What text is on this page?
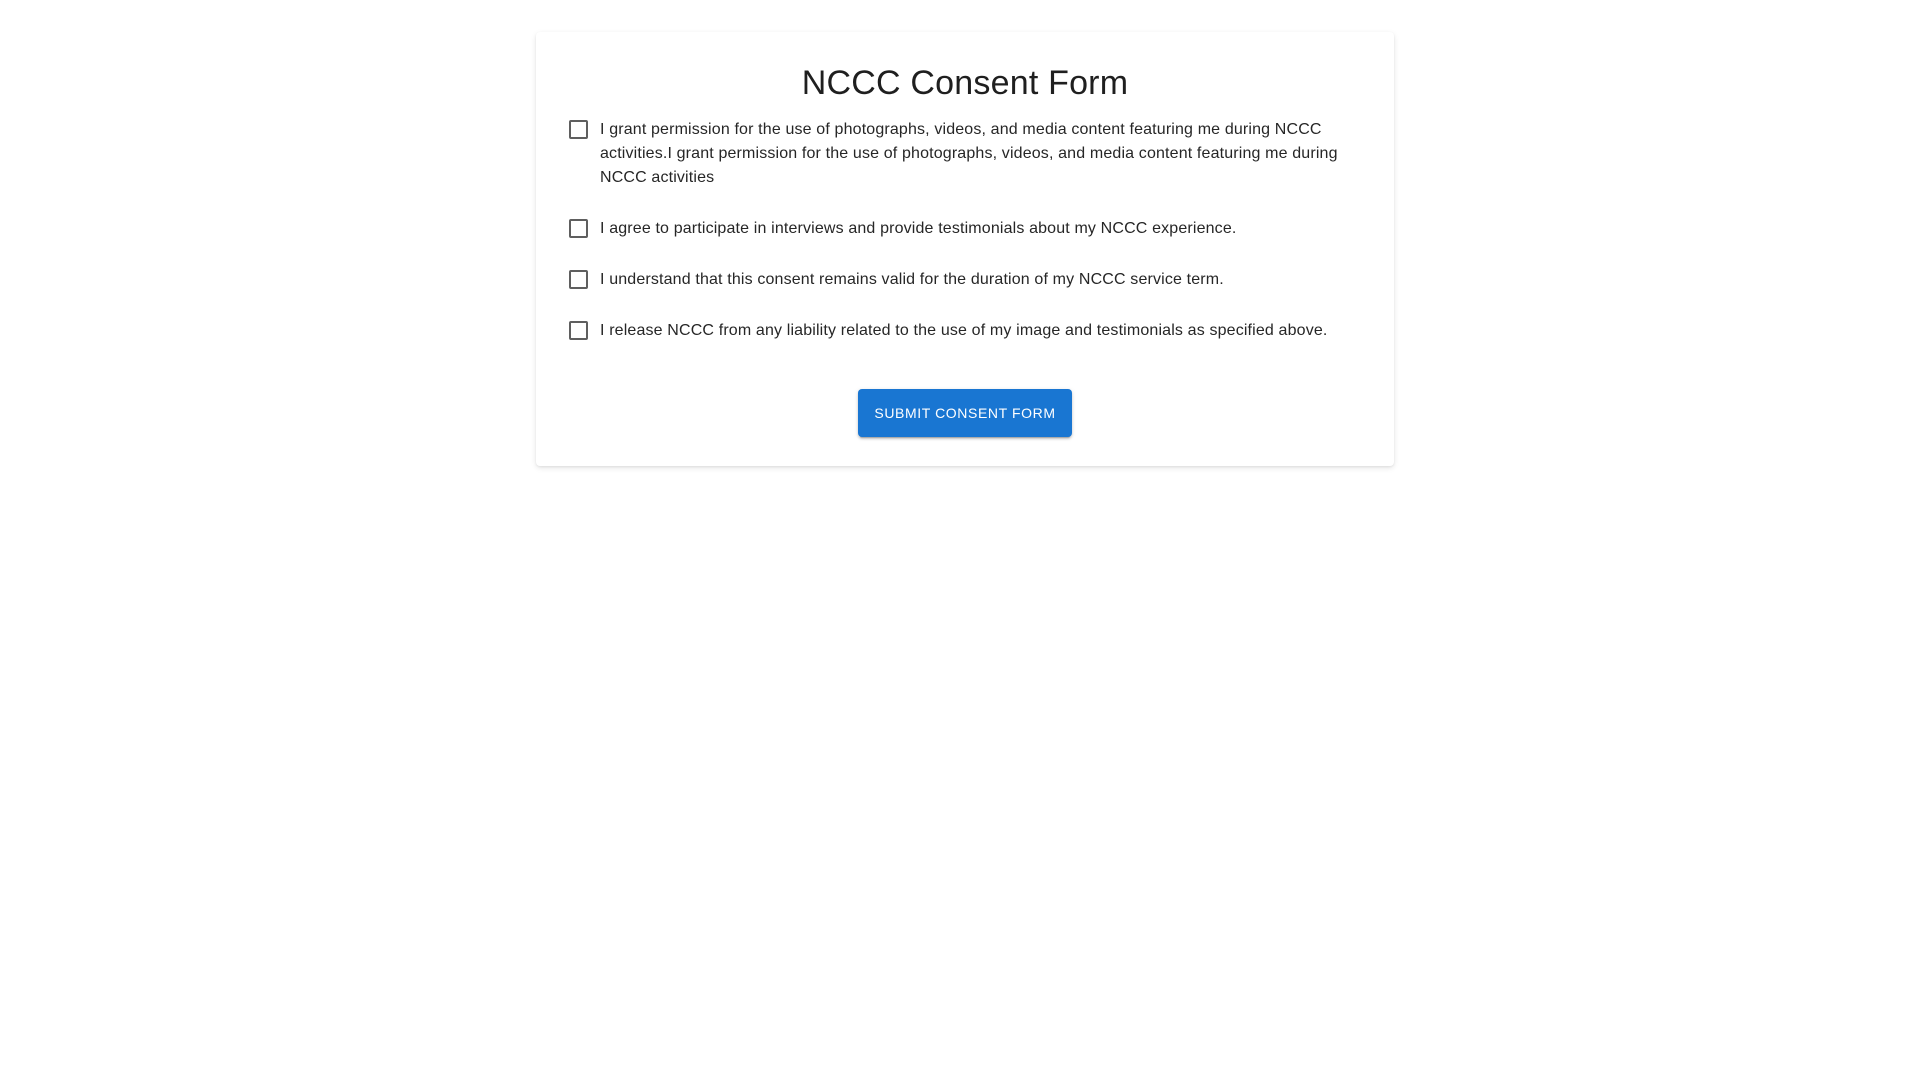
NCCC Consent Form
I grant permission for the use of photographs, videos, and media content featuring me during NCCC activities.I grant permission for the use of photographs, videos, and media content featuring me during NCCC activities
I agree to participate in interviews and provide testimonials about my NCCC experience.
I understand that this consent remains valid for the duration of my NCCC service term.
I release NCCC from any liability related to the use of my image and testimonials as specified above.
SUBMIT CONSENT FORM
